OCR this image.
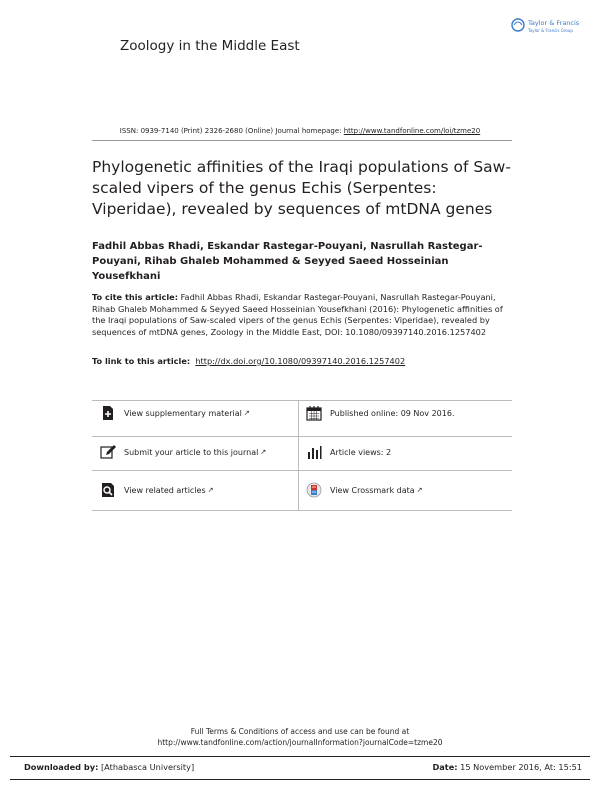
Zoology in the Middle East
Taylor & Francis
Taylor & Francis Group
ISSN: 0939-7140 (Print) 2326-2680 (Online) Journal homepage: http://www.tandfonline.com/loi/tzme20
Phylogenetic affinities of the Iraqi populations of Saw-scaled vipers of the genus Echis (Serpentes: Viperidae), revealed by sequences of mtDNA genes
Fadhil Abbas Rhadi, Eskandar Rastegar-Pouyani, Nasrullah Rastegar-Pouyani, Rihab Ghaleb Mohammed & Seyyed Saeed Hosseinian Yousefkhani
To cite this article: Fadhil Abbas Rhadi, Eskandar Rastegar-Pouyani, Nasrullah Rastegar-Pouyani, Rihab Ghaleb Mohammed & Seyyed Saeed Hosseinian Yousefkhani (2016): Phylogenetic affinities of the Iraqi populations of Saw-scaled vipers of the genus Echis (Serpentes: Viperidae), revealed by sequences of mtDNA genes, Zoology in the Middle East, DOI: 10.1080/09397140.2016.1257402
To link to this article: http://dx.doi.org/10.1080/09397140.2016.1257402
View supplementary material ↗	Published online: 09 Nov 2016.
Submit your article to this journal ↗	Article views: 2
View related articles ↗	View Crossmark data ↗
Full Terms & Conditions of access and use can be found at
http://www.tandfonline.com/action/journalInformation?journalCode=tzme20
Downloaded by: [Athabasca University]	Date: 15 November 2016, At: 15:51
